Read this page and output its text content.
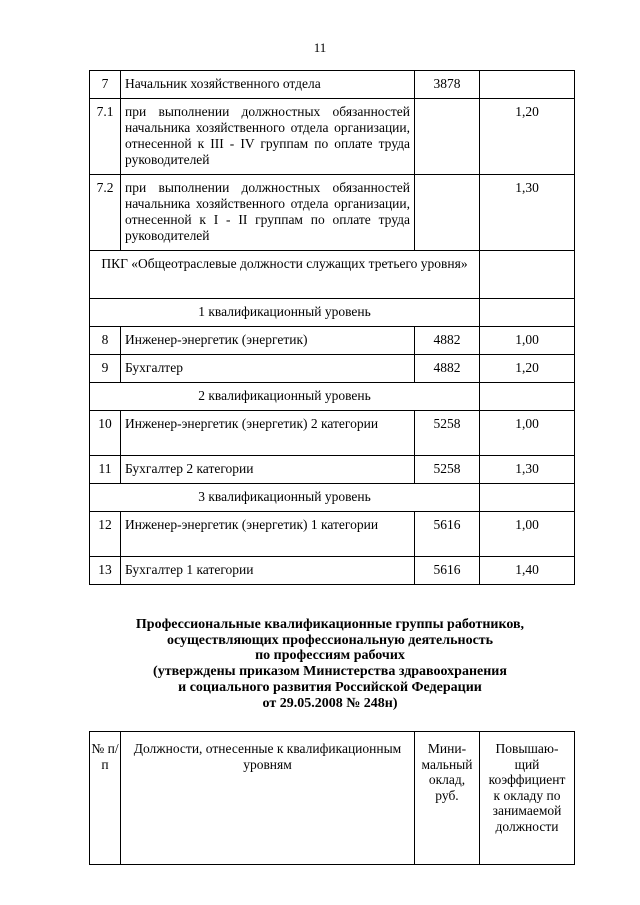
11
7	Начальник хозяйственного отдела	3878	
7.1	при выполнении должностных обязанностей начальника хозяйственного отдела организации, отнесенной к III - IV группам по оплате труда руководителей		1,20
7.2	при выполнении должностных обязанностей начальника хозяйственного отдела организации, отнесенной к I - II группам по оплате труда руководителей		1,30
ПКГ «Общеотраслевые должности служащих третьего уровня»			
1 квалификационный уровень			
8	Инженер-энергетик (энергетик)	4882	1,00
9	Бухгалтер	4882	1,20
2 квалификационный уровень			
10	Инженер-энергетик (энергетик) 2 категории	5258	1,00
11	Бухгалтер 2 категории	5258	1,30
3 квалификационный уровень			
12	Инженер-энергетик (энергетик) 1 категории	5616	1,00
13	Бухгалтер 1 категории	5616	1,40
Профессиональные квалификационные группы работников,
осуществляющих профессиональную деятельность
по профессиям рабочих
(утверждены приказом Министерства здравоохранения
и социального развития Российской Федерации
от 29.05.2008 № 248н)
№ п/п	Должности, отнесенные к квалификационным уровням	Мини-мальный оклад, руб.	Повышаю-щий коэффициент к окладу по занимаемой должности
